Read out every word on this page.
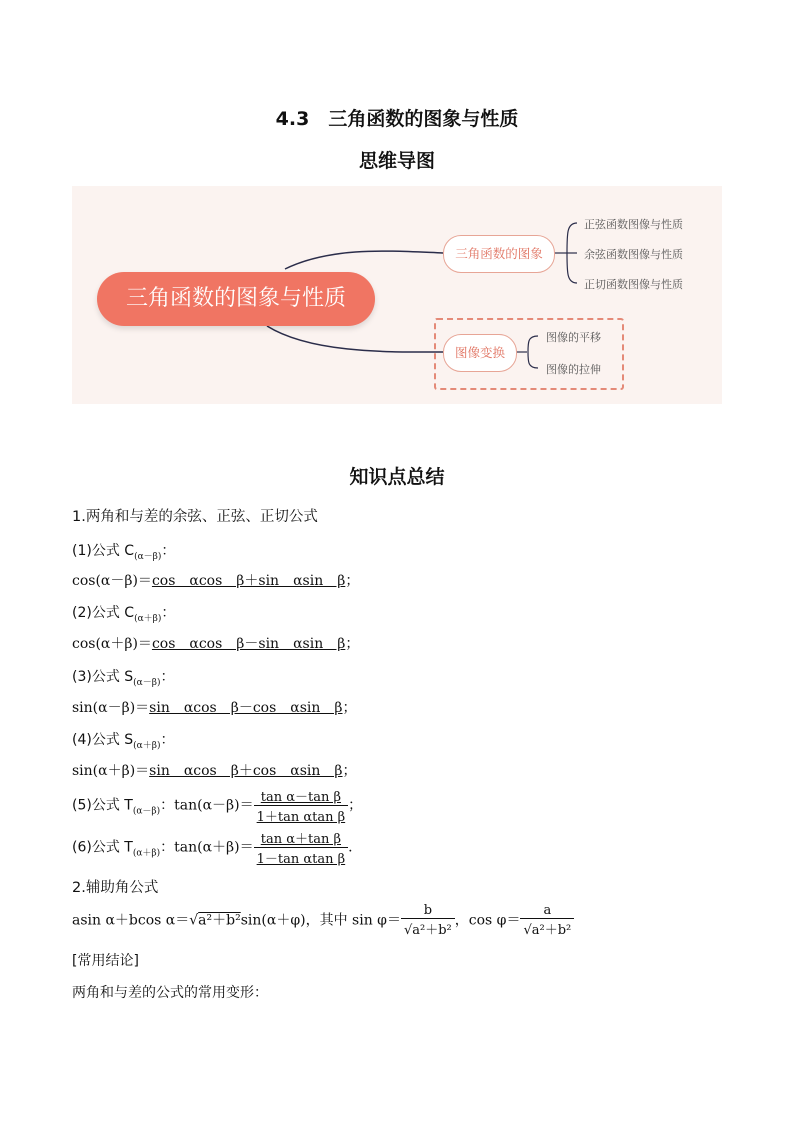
4.3　三角函数的图象与性质
思维导图
三角函数的图象与性质
三角函数的图象
图像变换
正弦函数图像与性质
余弦函数图像与性质
正切函数图像与性质
图像的平移
图像的拉伸
知识点总结
1.两角和与差的余弦、正弦、正切公式
(1)公式 $C_{(\alpha-\beta)}$：
cos(α－β)＝cos　αcos　β＋sin　αsin　β；
(2)公式 $C_{(\alpha+\beta)}$：
cos(α＋β)＝cos　αcos　β－sin　αsin　β；
(3)公式 $S_{(\alpha-\beta)}$：
sin(α－β)＝sin　αcos　β－cos　αsin　β；
(4)公式 $S_{(\alpha+\beta)}$：
sin(α＋β)＝sin　αcos　β＋cos　αsin　β；
(5)公式 $T_{(\alpha-\beta)}$：$\tan(\alpha-\beta)= \frac{\text{tan α－tan β}}{\text{1＋tan αtan β}}$ ；
(6)公式 $T_{(\alpha+\beta)}$：$\tan(\alpha+\beta)= \frac{\text{tan α＋tan β}}{\text{1－tan αtan β}}$ .
2.辅助角公式
asin α＋bcos α＝√a²＋b²sin(α＋φ)，其中 $\sin \varphi= \frac{b}{\text{√a²＋b²}}$ ，$\cos \varphi= \frac{a}{\text{√a²＋b²}}$
[常用结论]
两角和与差的公式的常用变形：
